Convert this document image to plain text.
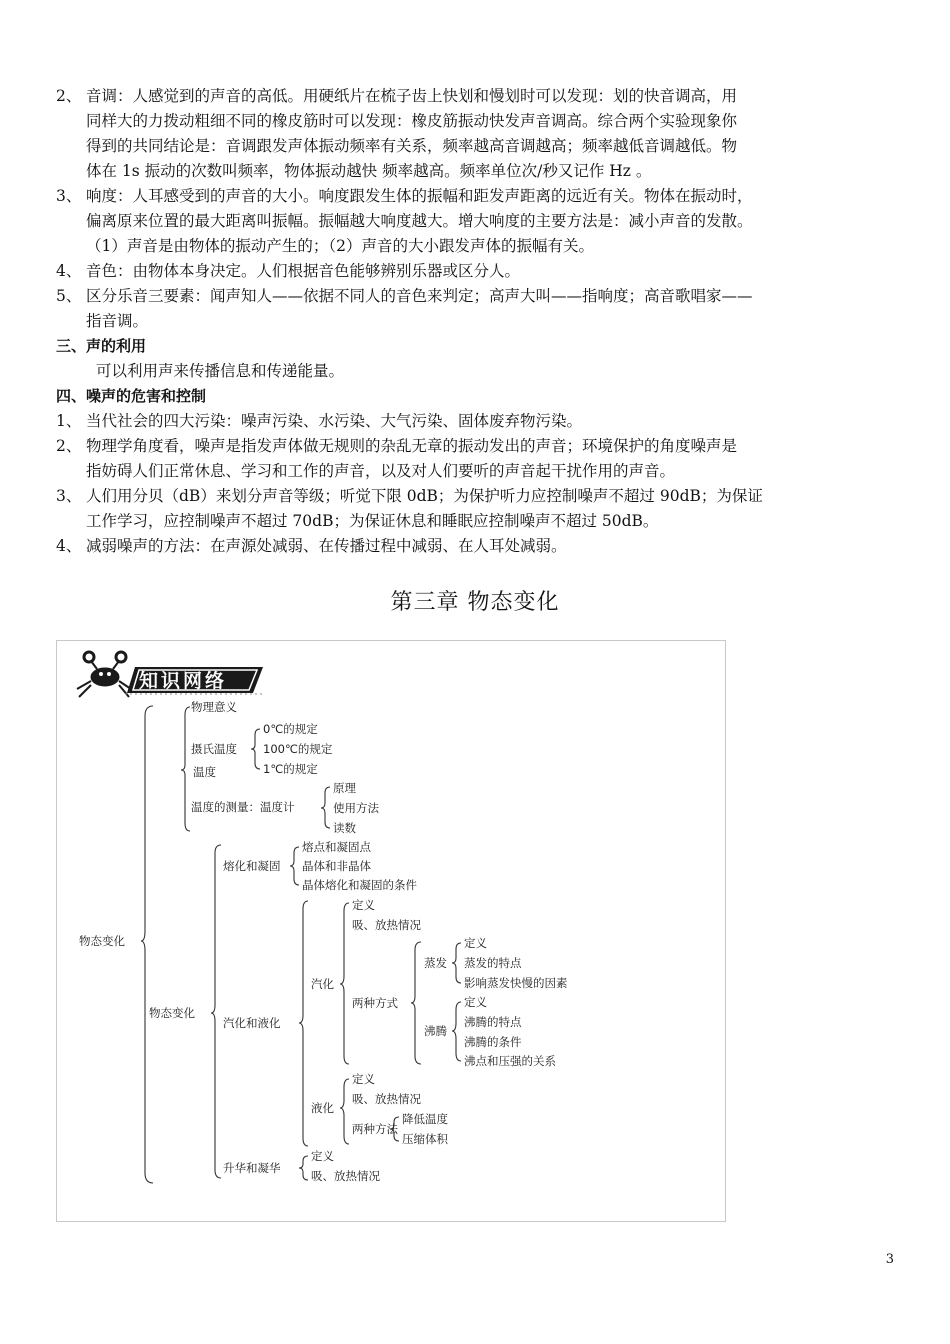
2、 音调：人感觉到的声音的高低。用硬纸片在梳子齿上快划和慢划时可以发现：划的快音调高，用
同样大的力拨动粗细不同的橡皮筋时可以发现：橡皮筋振动快发声音调高。综合两个实验现象你
得到的共同结论是：音调跟发声体振动频率有关系，频率越高音调越高；频率越低音调越低。物
体在 1s 振动的次数叫频率，物体振动越快 频率越高。频率单位次/秒又记作 Hz 。
3、 响度：人耳感受到的声音的大小。响度跟发生体的振幅和距发声距离的远近有关。物体在振动时，
偏离原来位置的最大距离叫振幅。振幅越大响度越大。增大响度的主要方法是：减小声音的发散。
（1）声音是由物体的振动产生的；（2）声音的大小跟发声体的振幅有关。
4、 音色：由物体本身决定。人们根据音色能够辨别乐器或区分人。
5、 区分乐音三要素：闻声知人——依据不同人的音色来判定；高声大叫——指响度；高音歌唱家——
指音调。
三、声的利用
可以利用声来传播信息和传递能量。
四、噪声的危害和控制
1、 当代社会的四大污染：噪声污染、水污染、大气污染、固体废弃物污染。
2、 物理学角度看，噪声是指发声体做无规则的杂乱无章的振动发出的声音；环境保护的角度噪声是
指妨碍人们正常休息、学习和工作的声音，以及对人们要听的声音起干扰作用的声音。
3、 人们用分贝（dB）来划分声音等级；听觉下限 0dB；为保护听力应控制噪声不超过 90dB；为保证
工作学习，应控制噪声不超过 70dB；为保证休息和睡眠应控制噪声不超过 50dB。
4、 减弱噪声的方法：在声源处减弱、在传播过程中减弱、在人耳处减弱。
第三章 物态变化
知识网络
物态变化
温度
物理意义
摄氏温度
0℃的规定
100℃的规定
1℃的规定
温度的测量：温度计
原理
使用方法
读数
物态变化
熔化和凝固
熔点和凝固点
晶体和非晶体
晶体熔化和凝固的条件
汽化和液化
汽化
定义
吸、放热情况
两种方式
蒸发
定义
蒸发的特点
影响蒸发快慢的因素
沸腾
定义
沸腾的特点
沸腾的条件
沸点和压强的关系
液化
定义
吸、放热情况
两种方法
降低温度
压缩体积
升华和凝华
定义
吸、放热情况
3
